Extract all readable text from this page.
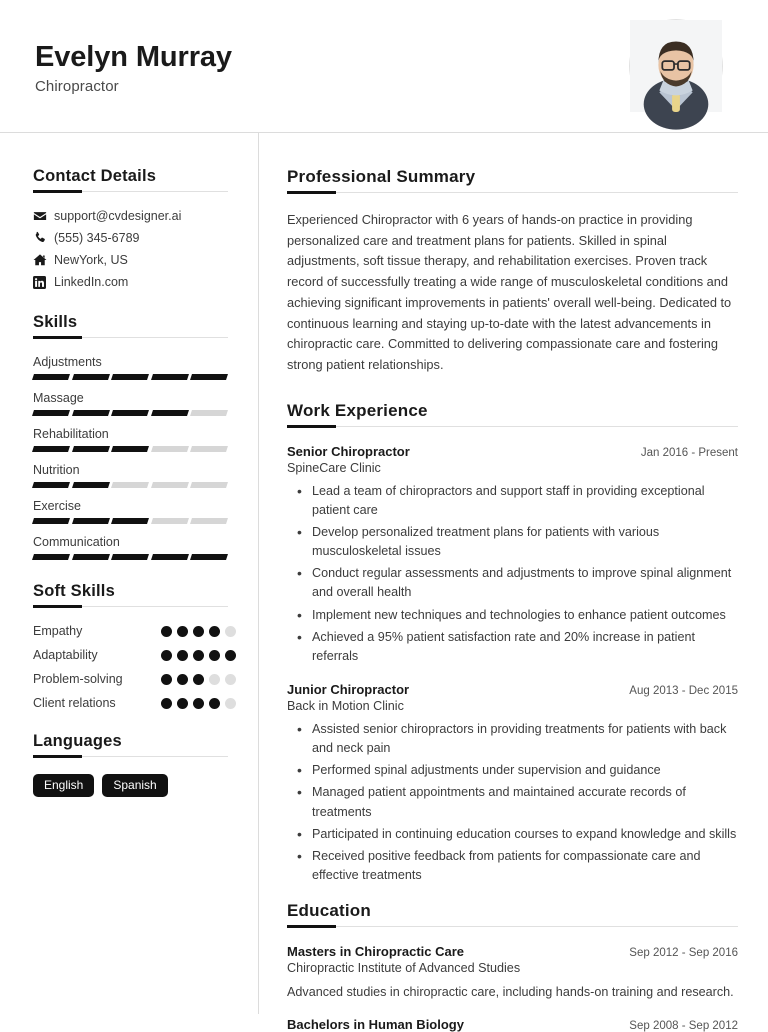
Evelyn Murray
Chiropractor
Contact Details
support@cvdesigner.ai
(555) 345-6789
NewYork, US
LinkedIn.com
Skills
Adjustments
Massage
Rehabilitation
Nutrition
Exercise
Communication
Soft Skills
Empathy
Adaptability
Problem-solving
Client relations
Languages
English	Spanish
Professional Summary

Experienced Chiropractor with 6 years of hands-on practice in providing personalized care and treatment plans for patients. Skilled in spinal adjustments, soft tissue therapy, and rehabilitation exercises. Proven track record of successfully treating a wide range of musculoskeletal conditions and achieving significant improvements in patients' overall well-being. Dedicated to continuous learning and staying up-to-date with the latest advancements in chiropractic care. Committed to delivering compassionate care and fostering strong patient relationships.

Work Experience
Senior Chiropractor	Jan 2016 - Present
SpineCare Clinic
• Lead a team of chiropractors and support staff in providing exceptional patient care
• Develop personalized treatment plans for patients with various musculoskeletal issues
• Conduct regular assessments and adjustments to improve spinal alignment and overall health
• Implement new techniques and technologies to enhance patient outcomes
• Achieved a 95% patient satisfaction rate and 20% increase in patient referrals
Junior Chiropractor	Aug 2013 - Dec 2015
Back in Motion Clinic
• Assisted senior chiropractors in providing treatments for patients with back and neck pain
• Performed spinal adjustments under supervision and guidance
• Managed patient appointments and maintained accurate records of treatments
• Participated in continuing education courses to expand knowledge and skills
• Received positive feedback from patients for compassionate care and effective treatments
Education
Masters in Chiropractic Care	Sep 2012 - Sep 2016
Chiropractic Institute of Advanced Studies
Advanced studies in chiropractic care, including hands-on training and research.
Bachelors in Human Biology	Sep 2008 - Sep 2012
